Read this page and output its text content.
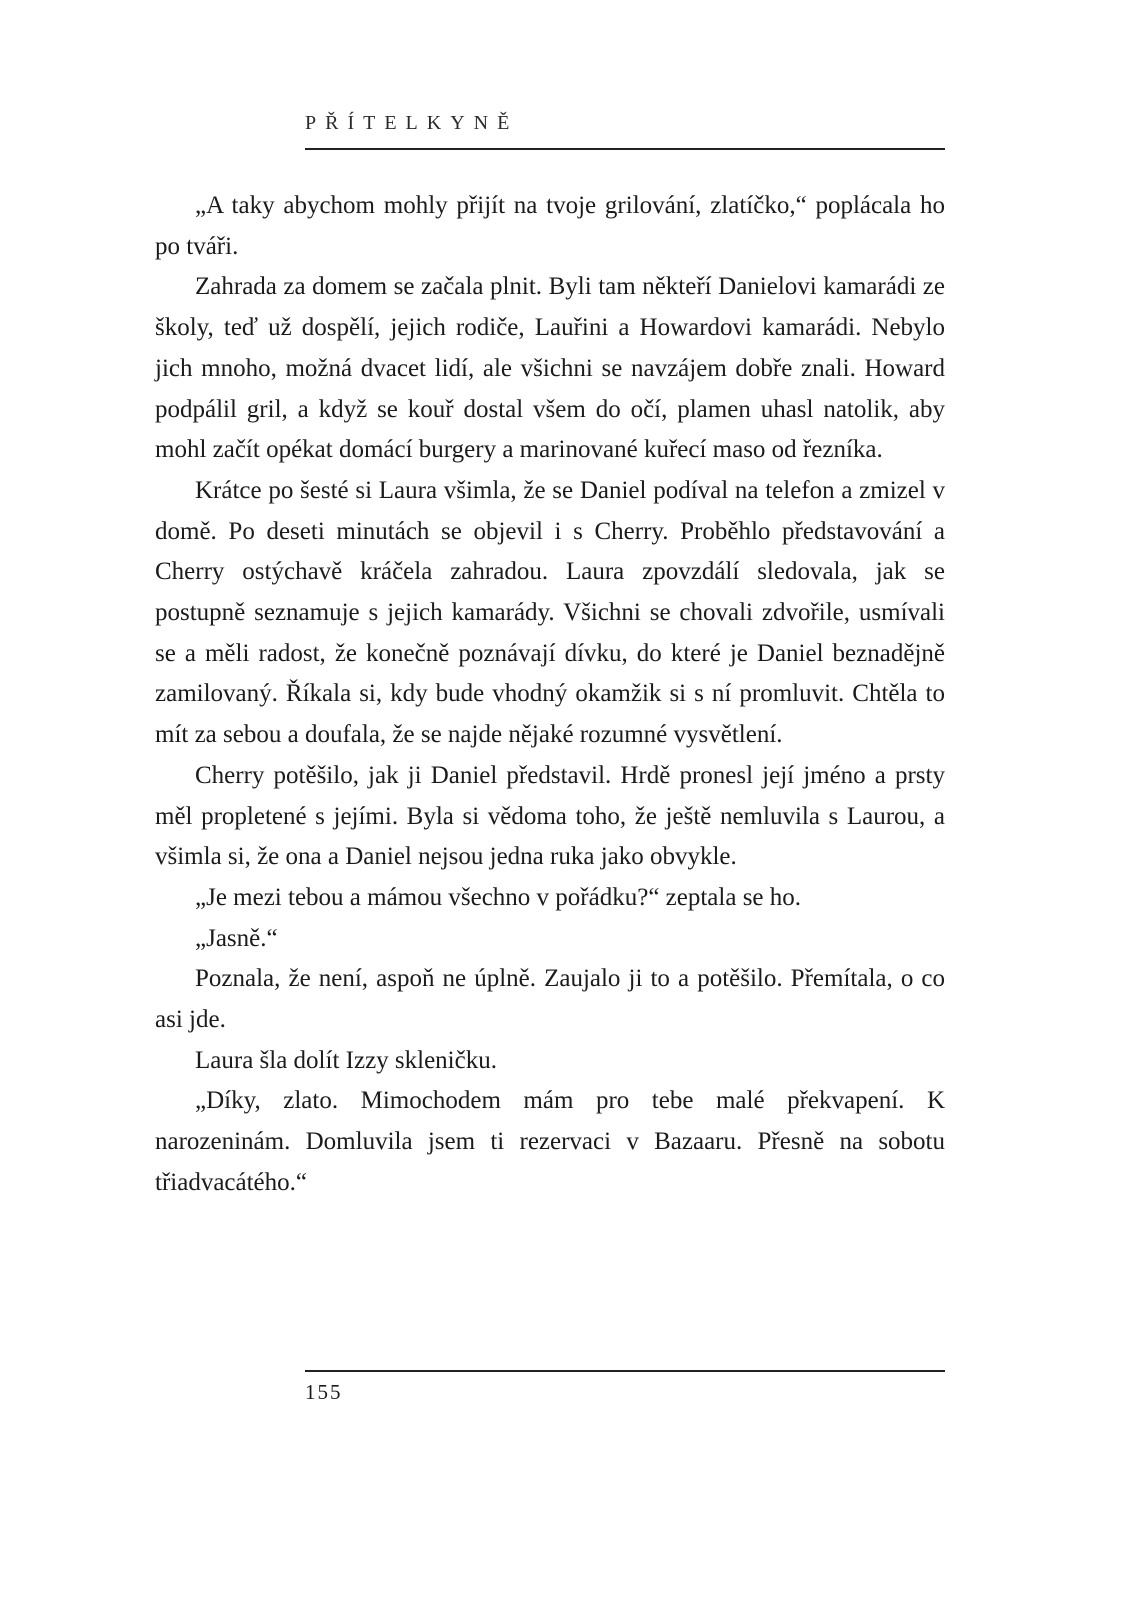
PŘÍTELKYNĚ

„A taky abychom mohly přijít na tvoje grilování, zlatíčko,“ poplácala ho po tváři.

Zahrada za domem se začala plnit. Byli tam někteří Danielovi kamarádi ze školy, teď už dospělí, jejich rodiče, Lauřini a Howardovi kamarádi. Nebylo jich mnoho, možná dvacet lidí, ale všichni se navzájem dobře znali. Howard podpálil gril, a když se kouř dostal všem do očí, plamen uhasl natolik, aby mohl začít opékat domácí burgery a marinované kuřecí maso od řezníka.

Krátce po šesté si Laura všimla, že se Daniel podíval na telefon a zmizel v domě. Po deseti minutách se objevil i s Cherry. Proběhlo představování a Cherry ostýchavě kráčela zahradou. Laura zpovzdálí sledovala, jak se postupně seznamuje s jejich kamarády. Všichni se chovali zdvořile, usmívali se a měli radost, že konečně poznávají dívku, do které je Daniel beznadějně zamilovaný. Říkala si, kdy bude vhodný okamžik si s ní promluvit. Chtěla to mít za sebou a doufala, že se najde nějaké rozumné vysvětlení.

Cherry potěšilo, jak ji Daniel představil. Hrdě pronesl její jméno a prsty měl propletené s jejími. Byla si vědoma toho, že ještě nemluvila s Laurou, a všimla si, že ona a Daniel nejsou jedna ruka jako obvykle.

„Je mezi tebou a mámou všechno v pořádku?“ zeptala se ho.

„Jasně.“

Poznala, že není, aspoň ne úplně. Zaujalo ji to a potěšilo. Přemítala, o co asi jde.

Laura šla dolít Izzy skleničku.

„Díky, zlato. Mimochodem mám pro tebe malé překvapení. K narozeninám. Domluvila jsem ti rezervaci v Bazaaru. Přesně na sobotu třiadvacátého.“

155
